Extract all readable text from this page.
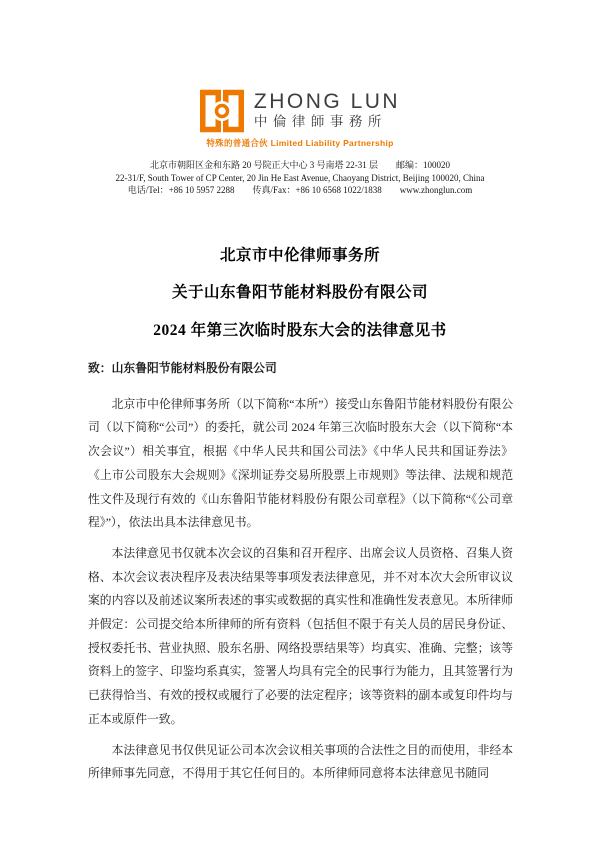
ZHONG LUN
中倫律師事務所
特殊的普通合伙 Limited Liability Partnership
北京市朝阳区金和东路 20 号院正大中心 3 号南塔 22-31 层　　邮编：100020
22-31/F, South Tower of CP Center, 20 Jin He East Avenue, Chaoyang District, Beijing 100020, China
电话/Tel：+86 10 5957 2288　　传真/Fax：+86 10 6568 1022/1838　　www.zhonglun.com
北京市中伦律师事务所
关于山东鲁阳节能材料股份有限公司
2024 年第三次临时股东大会的法律意见书

致：山东鲁阳节能材料股份有限公司

北京市中伦律师事务所（以下简称“本所”）接受山东鲁阳节能材料股份有限公司（以下简称“公司”）的委托，就公司 2024 年第三次临时股东大会（以下简称“本次会议”）相关事宜，根据《中华人民共和国公司法》《中华人民共和国证券法》《上市公司股东大会规则》《深圳证券交易所股票上市规则》等法律、法规和规范性文件及现行有效的《山东鲁阳节能材料股份有限公司章程》（以下简称“《公司章程》”），依法出具本法律意见书。

本法律意见书仅就本次会议的召集和召开程序、出席会议人员资格、召集人资格、本次会议表决程序及表决结果等事项发表法律意见，并不对本次大会所审议议案的内容以及前述议案所表述的事实或数据的真实性和准确性发表意见。本所律师并假定：公司提交给本所律师的所有资料（包括但不限于有关人员的居民身份证、授权委托书、营业执照、股东名册、网络投票结果等）均真实、准确、完整；该等资料上的签字、印鉴均系真实，签署人均具有完全的民事行为能力，且其签署行为已获得恰当、有效的授权或履行了必要的法定程序；该等资料的副本或复印件均与正本或原件一致。

本法律意见书仅供见证公司本次会议相关事项的合法性之目的而使用，非经本所律师事先同意，不得用于其它任何目的。本所律师同意将本法律意见书随同
